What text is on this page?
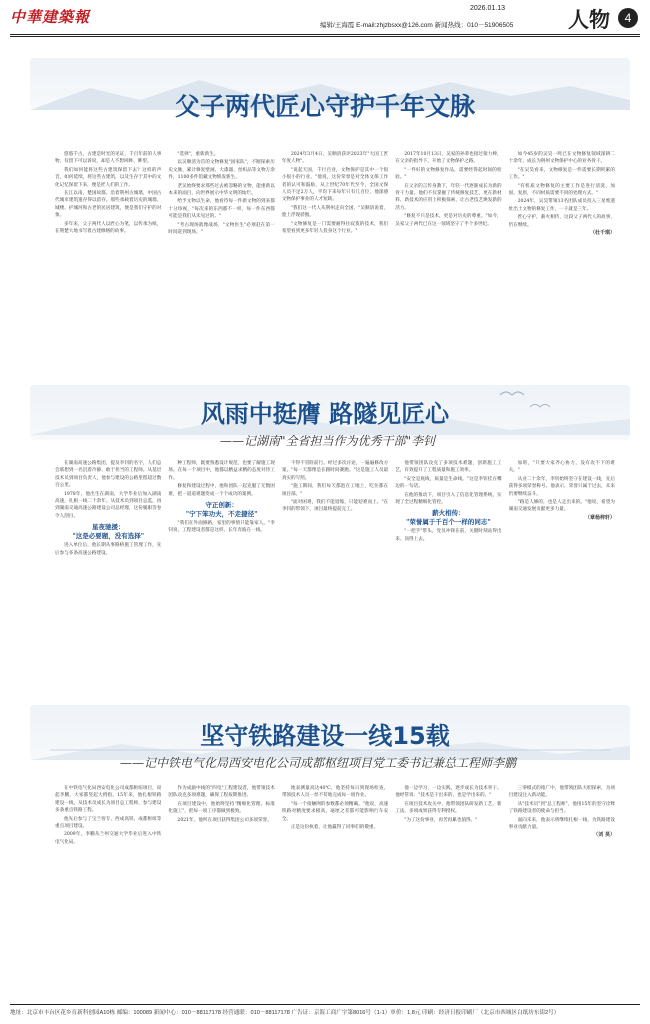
中華建築報	2026.01.13
编辑/王海霞 E-mail:zhjzbsxx@126.com 新闻热线：010－51906505	人物	4
父子两代匠心守护千年文脉

悠悠千古，古建是时光的见证，千百年前的人事物，仅留下可以诉说，却是人不想回眸、眸望。

我们如何能将这些古建筑保留下去？这样的声音，如何延续，将这些古建筑，以及生存于其中的文化记忆保留下来，便是匠人们的工作。

长江以南，楚国故都。沿着荆州古城墙，中国古代城市建筑遗存得以留存。那些承载着历史的城墙、城楼、护城河和古老的民居建筑，便是我们守护的对象。

多年来，父子两代人以匠心为笔，以传承为纸，在荆楚大地书写着古建修缮的故事。

"选择"，重新新生。

以吴顺清为首的文物修复"国家队"，不断探索历史文脉，累计修复壁画、大漆器、丝织品等文物万余件，1100多件馆藏文物焕发新生。

老吴始终要求那些过去被忽略的文物，能重新以本来的面目，向世界展示中华文明的灿烂。

给予文物以生命，他看待每一件新文物的到来都十分珍视，"每次来的东西都不一样，每一件东西都可能是我们从未见过的。"

"考古现场就像战场，"文物医生"必须赶在第一时间赶到现场。"

2024年3月4日，吴顺清获评2023年"大国工匠年度人物"。

"说起天国，千行百业，文物保护是其中一个很小很小的行业。"他说，这份荣誉是对全体文保工作者的认可和鼓励，从上世纪70年代至今，全国文保人员不足2万人，平均下来每年只有几百位，他深感文物保护事业的人才短缺。

"我们这一代人从荆州走向全国，"吴顺清说着，脸上浮现骄傲。

"文物修复是一门需要耐得住寂寞的技术，我们希望看到更多年轻人投身这个行业。"

2017年10月13日，吴家的孙辈也接过接力棒，在父亲的指导下，开始了文物保护之路。

"一件好的文物修复作品，需要经得起时间的检验。"

在父亲的言传身教下，年轻一代逐渐成长为新的骨干力量。他们不仅掌握了传统修复技艺，更在新材料、新技术的应用上积极探索，让古老技艺焕发新的活力。

"修复不只是技术，更是对历史的尊重。"如今，吴家父子两代已在这一领域坚守了半个多世纪。

如今45岁的吴昊一鸣已在文物修复领域深耕二十余年，成长为荆州文物保护中心的业务骨干。

"在吴昊看来，文物修复是一件需要长期积累的工作。"

"有机质文物修复的主要工作是进行清洗、加固、复原，不同材质需要不同的处理方式。"

2024年，吴昊带领13名团队成员投入三星堆遗址出土文物的修复工作，一干就是三年。

匠心守护，薪火相传，这段父子两代人的故事，仍在继续。

（杜千琪）

风雨中挺膺 路隧见匠心
——记湖南"全省担当作为优秀干部"李钊

在湖南高速公路集团，提及李钊的名字，人们总会联想到一名沉着冷静、敢于担当的工程师。从基层技术员到项目负责人，他参与建设的公路里程超过数百公里。

1978年，他出生在湖南，大学毕业后加入湖南高速，扎根一线二十余年。从技术员到项目总监，再到湖南交通高速公路建设公司总经理，这份履职答卷令人刮目。

星夜驰援：
"这是必要题，没有选择"

进入单位后，他长期从事路桥施工管理工作，先后参与多条高速公路建设。

种工程师，既要熟悉设计规范，也要了解施工现场。在每一个项目中，他都以精益求精的态度对待工作。

修复和建设过程中，他和团队一起克服了无数困难，把一道道难题变成一个个成功的案例。

守正创新：
"宁下笨功夫，不走捷径"

"我们在外面修路，家里的事情只能靠家人。"李钊说，工程建设者都是这样，长年奔波在一线。

不得不冒险前行。经过多次讨论，一遍遍修改方案，"每一天都像是在跟时间赛跑。"这是施工人员最真实的写照。

"施工期间，我们每天都泡在工地上，吃住都在项目部。"

"面对困难，我们不能退缩，只能迎难而上。"在李钊的带领下，项目最终提前完工。

他带领团队攻克了多项技术难题，创新施工工艺，有效提升了工程质量和施工效率。

"安全是底线，质量是生命线。"这是李钊挂在嘴边的一句话。

在他的推动下，项目引入了信息化管理系统，实现了全过程精细化管控。

薪火相传：
"荣誉属于千百个一样的同志"

"一把手"带头，党员冲锋在前，关键时刻站得出来、顶得上去。

加班，"只要大家齐心协力，没有攻不下的难关。"

从业二十余年，李钊始终坚守在建设一线，先后获得多项荣誉称号。他表示，荣誉只属于过去，未来仍要继续奋斗。

"路是人修的，也是人走出来的。"他说，希望为湖南交通发展贡献更多力量。

（章杨梓轩）

坚守铁路建设一线15载
——记中铁电气化局西安电化公司成都枢纽项目党工委书记兼总工程师李鹏

在中铁电气化局西安电化公司成都枢纽项目，说起李鹏，大家都竖起大拇指。15年来，他扎根铁路建设一线，从技术员成长为项目总工程师，参与建设多条重点铁路工程。

他先后参与了宝兰客专、西成高铁、成都枢纽等重点项目建设。

2009年，李鹏从兰州交通大学毕业后进入中铁电气化局。

作为成渝中线的"四电"工程建设者，他带领技术团队攻克多项难题，确保工程按期推进。

在项目建设中，他始终坚持"精细化管理、标准化施工"，把每一项工序都做到极致。

2021年，他所在项目获得集团公司多项荣誉。

地表测量高达40℃，他坚持每日到现场检查，带领技术人员一丝不苟地完成每一项作业。

"每一个接触网的参数都必须精确。"他说，高速铁路对精度要求极高，毫厘之差都可能影响行车安全。

正是这份执着，让他赢得了同事们的敬重。

他一边学习，一边实践，逐步成长为技术骨干。他经常说："技术是干出来的，也是学出来的。"

在项目技术攻关中，他带领团队研发新工艺、新工法，多项成果获得专利授权。

"为了这份事业，再苦再累也值得。"

三零模式的推广中，他带领团队大胆探索，为项目建设注入新动能。

从"技术员"到"总工程师"，他用15年的坚守诠释了铁路建设者的使命与担当。

面向未来，他表示将继续扎根一线，为铁路建设事业贡献力量。

（刘 昊）

地址：北京市丰台区花乡育新科创园A10栋 邮编：100089 新闻中心：010－88117178 经营通联：010－88117178 广告证：京海工商广字第8016号（1-1）单价：1.8元 印刷：经济日报印刷厂（北京市西城区白纸坊东街2号）
